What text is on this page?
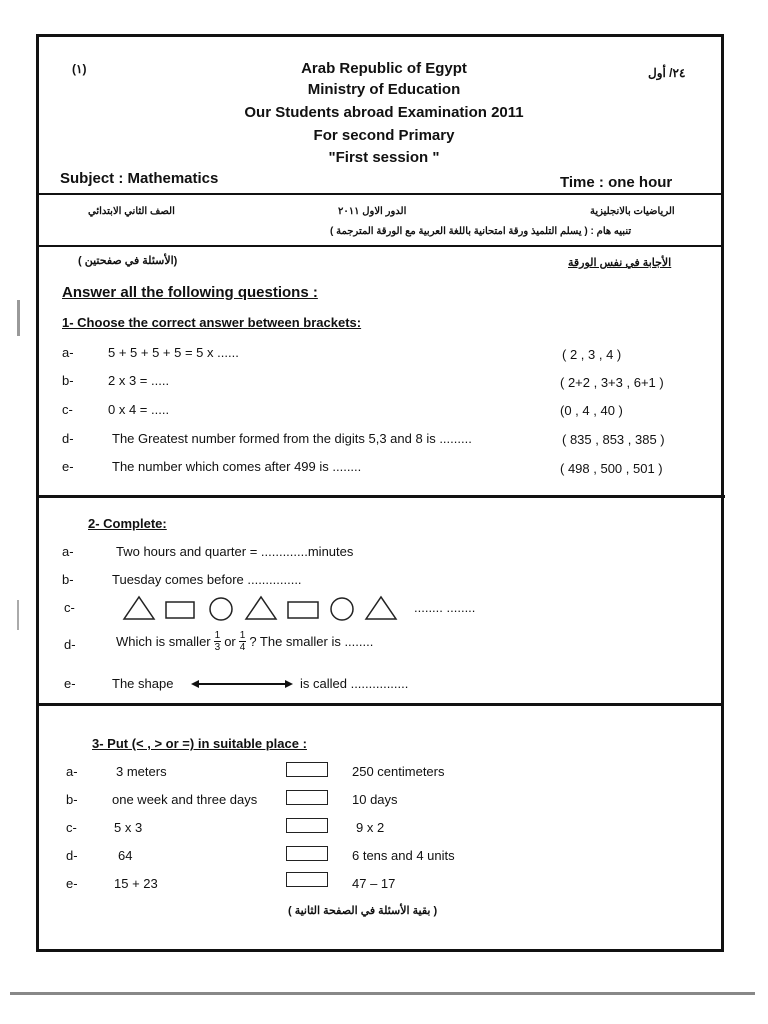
(١)	٢٤/ أول
Arab Republic of Egypt
Ministry of Education
Our Students abroad Examination 2011
For second Primary
"First session "
Subject : Mathematics	Time : one hour
الصف الثاني الابتدائي	الدور الاول ٢٠١١	الرياضيات بالانجليزية
تنبيه هام : ( يسلم التلميذ ورقة امتحانية باللغة العربية مع الورقة المترجمة )
(الأسئلة في صفحتين )	الأجابة في نفس الورقة
Answer all the following questions :
1- Choose the correct answer between brackets:
a-	5 + 5 + 5 + 5 = 5 x ......	( 2 , 3 , 4 )
b-	2 x 3 = .....	( 2+2 , 3+3 , 6+1 )
c-	0 x 4 = .....	(0 , 4 , 40 )
d-	The Greatest number formed from the digits 5,3 and 8 is .........	( 835 , 853 , 385 )
e-	The number which comes after 499 is ........	( 498 , 500 , 501 )
2- Complete:
a-	Two hours and quarter = .............minutes
b-	Tuesday comes before ...............
c-	........ ........
d-	Which is smaller $\frac{1}{3}$ or $\frac{1}{4}$ ? The smaller is ........
e-	The shape	is called ................
3- Put (< , > or =) in suitable place :
a-	3 meters	250 centimeters
b-	one week and three days	10 days
c-	5 x 3	9 x 2
d-	64	6 tens and 4 units
e-	15 + 23	47 – 17
( بقية الأسئلة في الصفحة الثانية )
